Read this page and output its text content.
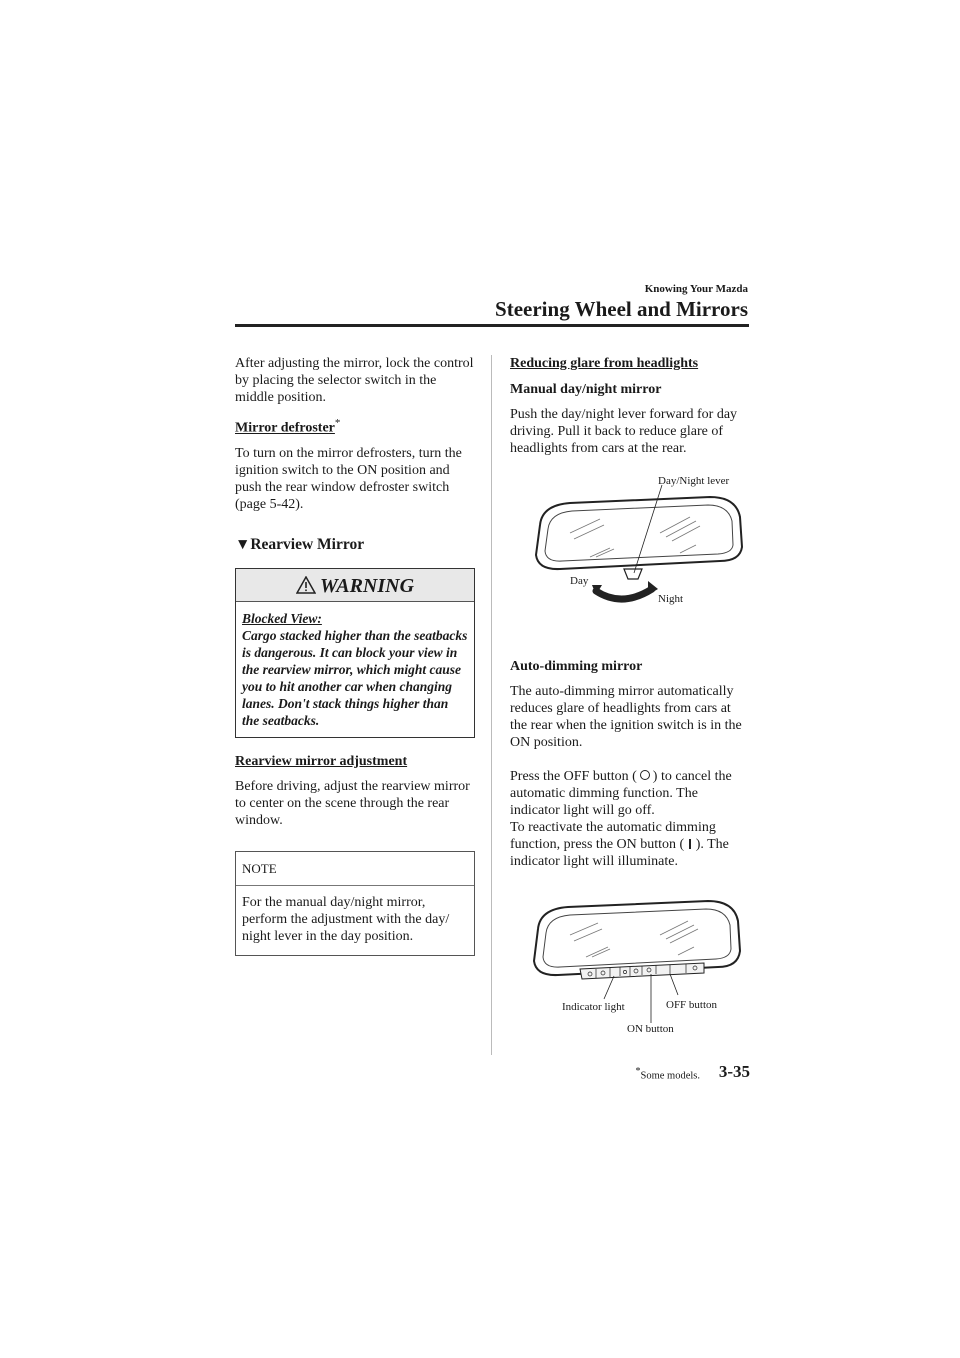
Knowing Your Mazda
Steering Wheel and Mirrors

After adjusting the mirror, lock the control by placing the selector switch in the middle position.

Mirror defroster*

To turn on the mirror defrosters, turn the ignition switch to the ON position and push the rear window defroster switch (page 5-42).

▼Rearview Mirror

WARNING
Blocked View:
Cargo stacked higher than the seatbacks is dangerous. It can block your view in the rearview mirror, which might cause you to hit another car when changing lanes. Don't stack things higher than the seatbacks.

Rearview mirror adjustment

Before driving, adjust the rearview mirror to center on the scene through the rear window.

NOTE
For the manual day/night mirror, perform the adjustment with the day/ night lever in the day position.

Reducing glare from headlights

Manual day/night mirror

Push the day/night lever forward for day driving. Pull it back to reduce glare of headlights from cars at the rear.

Day/Night lever
Day
Night

Auto-dimming mirror

The auto-dimming mirror automatically reduces glare of headlights from cars at the rear when the ignition switch is in the ON position.

Press the OFF button ( ) to cancel the automatic dimming function. The indicator light will go off.

To reactivate the automatic dimming function, press the ON button ( ). The indicator light will illuminate.

Indicator light	OFF button
ON button
*Some models. 3-35
